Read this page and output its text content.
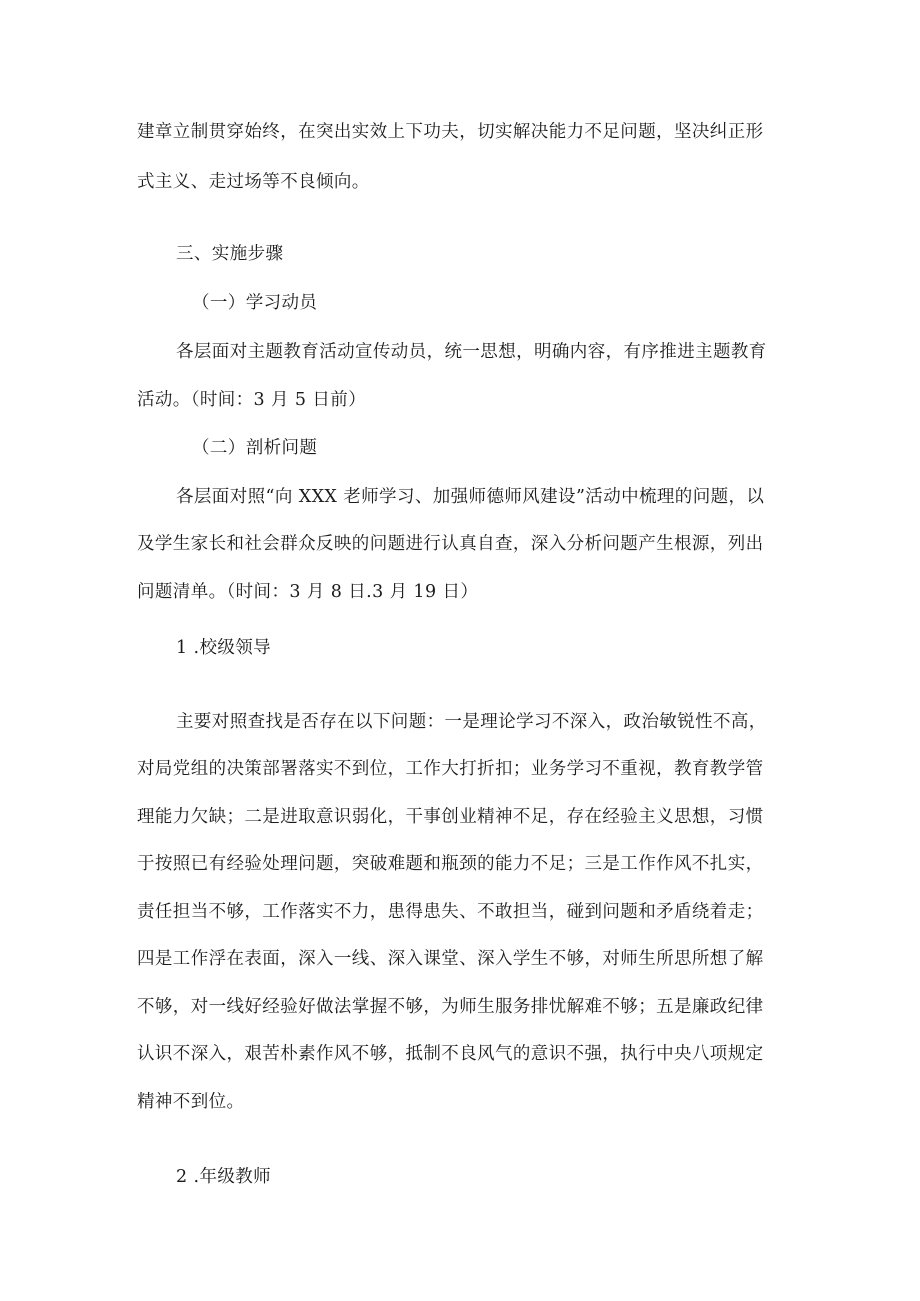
建章立制贯穿始终，在突出实效上下功夫，切实解决能力不足问题，坚决纠正形
式主义、走过场等不良倾向。
三、实施步骤
（一）学习动员
各层面对主题教育活动宣传动员，统一思想，明确内容，有序推进主题教育
活动。（时间：3 月 5 日前）
（二）剖析问题
各层面对照“向 XXX 老师学习、加强师德师风建设”活动中梳理的问题，以
及学生家长和社会群众反映的问题进行认真自查，深入分析问题产生根源，列出
问题清单。（时间：3 月 8 日.3 月 19 日）
1 .校级领导
主要对照查找是否存在以下问题：一是理论学习不深入，政治敏锐性不高，
对局党组的决策部署落实不到位，工作大打折扣；业务学习不重视，教育教学管
理能力欠缺；二是进取意识弱化，干事创业精神不足，存在经验主义思想，习惯
于按照已有经验处理问题，突破难题和瓶颈的能力不足；三是工作作风不扎实，
责任担当不够，工作落实不力，患得患失、不敢担当，碰到问题和矛盾绕着走；
四是工作浮在表面，深入一线、深入课堂、深入学生不够，对师生所思所想了解
不够，对一线好经验好做法掌握不够，为师生服务排忧解难不够；五是廉政纪律
认识不深入，艰苦朴素作风不够，抵制不良风气的意识不强，执行中央八项规定
精神不到位。
2 .年级教师
